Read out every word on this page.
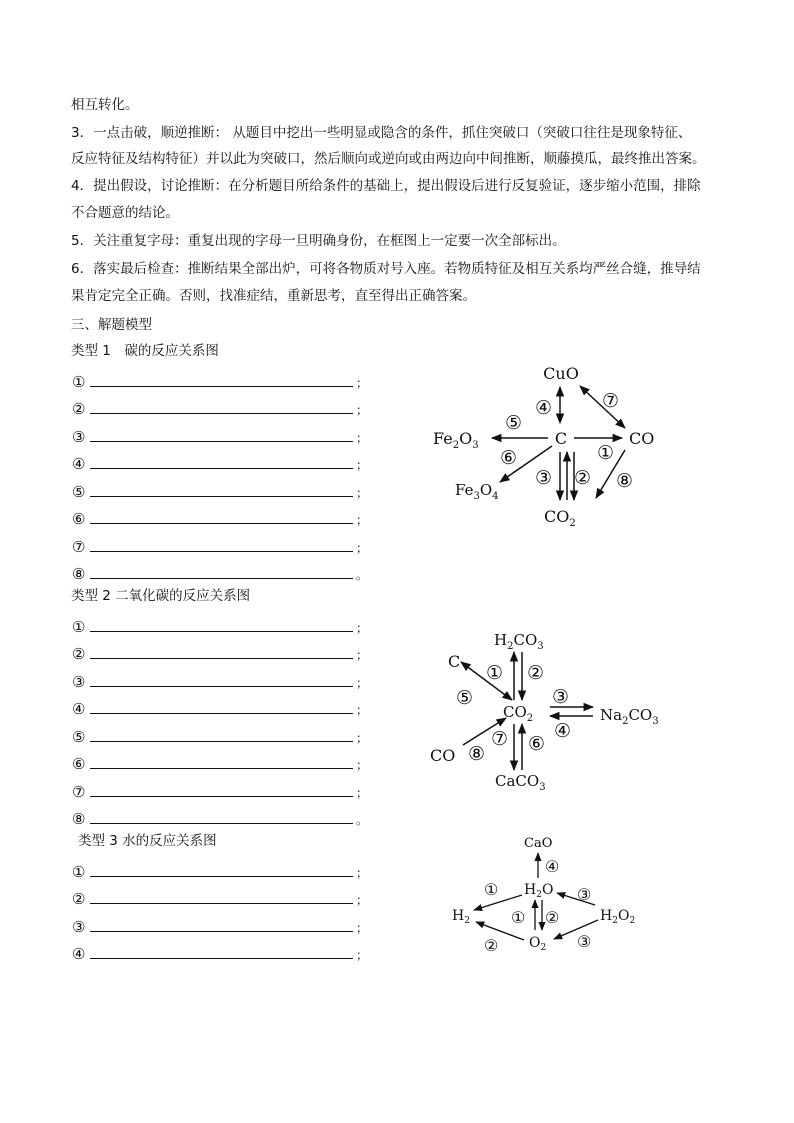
相互转化。
3．一点击破，顺逆推断： 从题目中挖出一些明显或隐含的条件，抓住突破口（突破口往往是现象特征、
反应特征及结构特征）并以此为突破口，然后顺向或逆向或由两边向中间推断，顺藤摸瓜，最终推出答案。
4．提出假设，讨论推断：在分析题目所给条件的基础上，提出假设后进行反复验证，逐步缩小范围，排除
不合题意的结论。
5．关注重复字母：重复出现的字母一旦明确身份，在框图上一定要一次全部标出。
6．落实最后检查：推断结果全部出炉，可将各物质对号入座。若物质特征及相互关系均严丝合缝，推导结
果肯定完全正确。否则，找准症结，重新思考，直至得出正确答案。
三、解题模型
类型 1　碳的反应关系图
①	；
②	；
③	；
④	；
⑤	；
⑥	；
⑦	；
⑧	。
类型 2 二氧化碳的反应关系图
①	；
②	；
③	；
④	；
⑤	；
⑥	；
⑦	；
⑧	。
类型 3 水的反应关系图
①	；
②	；
③	；
④	；
CuO
C	CO
$Fe_2O_3$
$Fe_3O_4$
$CO_2$
①
②
③
④
⑤
⑥
⑦
⑧
$H_2CO_3$
C
$CO_2$	$Na_2CO_3$
CO
CaCO$_3$
① ②
③
④
⑤
⑥
⑦
⑧
CaO
$H_2O$
$H_2$	$H_2O_2$
$O_2$
①
① ②
②
③
③
④
